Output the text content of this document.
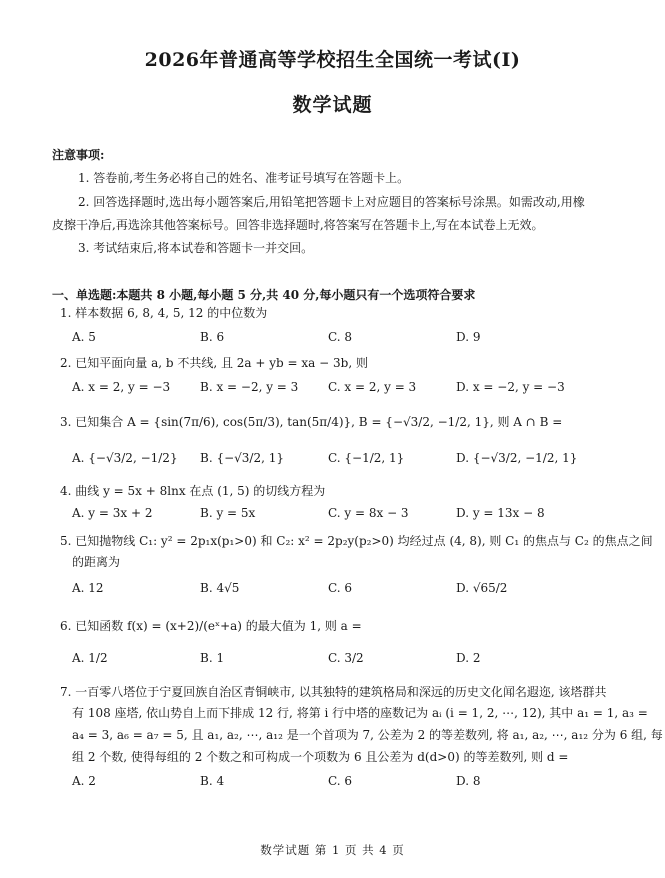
2026年普通高等学校招生全国统一考试(I)
数学试题
注意事项:
1. 答卷前,考生务必将自己的姓名、准考证号填写在答题卡上。
2. 回答选择题时,选出每小题答案后,用铅笔把答题卡上对应题目的答案标号涂黑。如需改动,用橡
皮擦干净后,再选涂其他答案标号。回答非选择题时,将答案写在答题卡上,写在本试卷上无效。
3. 考试结束后,将本试卷和答题卡一并交回。
一、单选题:本题共 8 小题,每小题 5 分,共 40 分,每小题只有一个选项符合要求
1. 样本数据 6, 8, 4, 5, 12 的中位数为
A. 5	B. 6	C. 8	D. 9
2. 已知平面向量 a, b 不共线, 且 2a + yb = xa − 3b, 则
A. x = 2, y = −3 B. x = −2, y = 3 C. x = 2, y = 3	D. x = −2, y = −3
3. 已知集合 A = {sin(7π/6), cos(5π/3), tan(5π/4)}, B = {−√3/2, −1/2, 1}, 则 A ∩ B =
A. {−√3/2, −1/2} B. {−√3/2, 1}	C. {−1/2, 1}	D. {−√3/2, −1/2, 1}
4. 曲线 y = 5x + 8lnx 在点 (1, 5) 的切线方程为
A. y = 3x + 2	B. y = 5x	C. y = 8x − 3	D. y = 13x − 8
5. 已知抛物线 C₁: y² = 2p₁x(p₁>0) 和 C₂: x² = 2p₂y(p₂>0) 均经过点 (4, 8), 则 C₁ 的焦点与 C₂ 的焦点之间
的距离为
A. 12	B. 4√5	C. 6	D. √65/2
6. 已知函数 f(x) = (x+2)/(eˣ+a) 的最大值为 1, 则 a =
A. 1/2	B. 1	C. 3/2	D. 2
7. 一百零八塔位于宁夏回族自治区青铜峡市, 以其独特的建筑格局和深远的历史文化闻名遐迩, 该塔群共
有 108 座塔, 依山势自上而下排成 12 行, 将第 i 行中塔的座数记为 aᵢ (i = 1, 2, ⋯, 12), 其中 a₁ = 1, a₃ =
a₄ = 3, a₆ = a₇ = 5, 且 a₁, a₂, ⋯, a₁₂ 是一个首项为 7, 公差为 2 的等差数列, 将 a₁, a₂, ⋯, a₁₂ 分为 6 组, 每
组 2 个数, 使得每组的 2 个数之和可构成一个项数为 6 且公差为 d(d>0) 的等差数列, 则 d =
A. 2	B. 4	C. 6	D. 8
数学试题 第 1 页 共 4 页
